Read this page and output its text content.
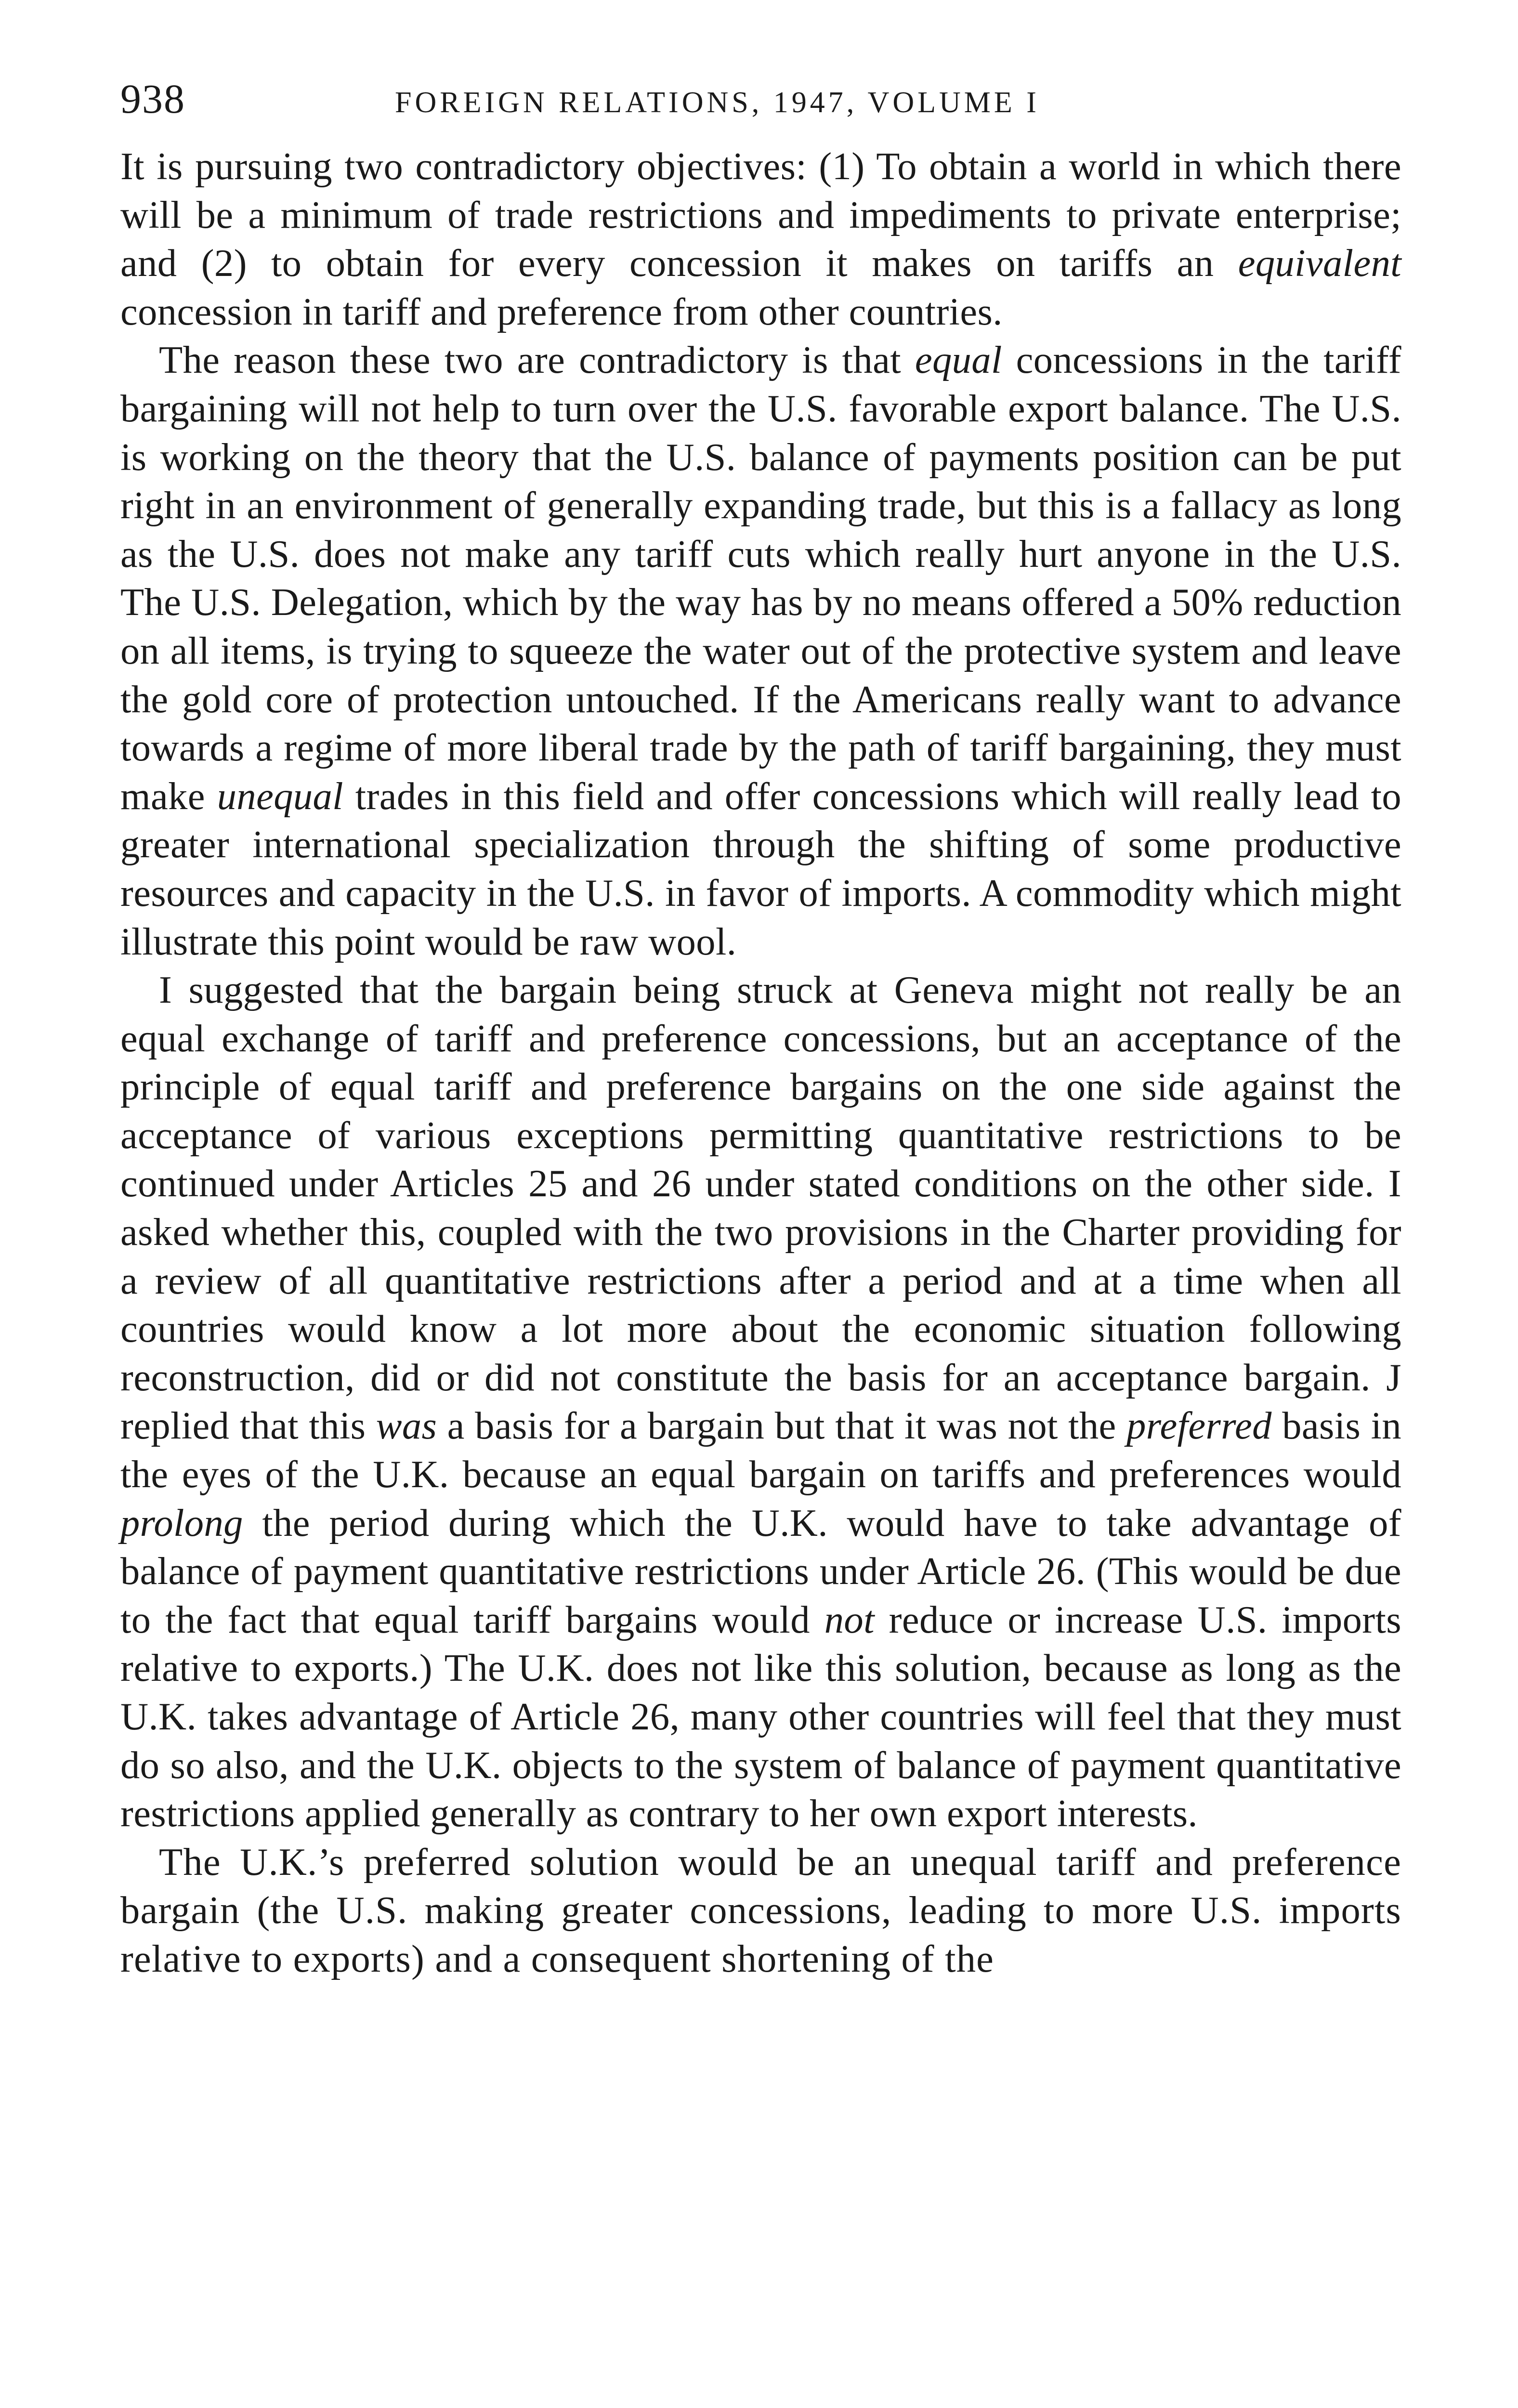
938	FOREIGN RELATIONS, 1947, VOLUME I

It is pursuing two contradictory objectives: (1) To obtain a world in which there will be a minimum of trade restrictions and impediments to private enterprise; and (2) to obtain for every concession it makes on tariffs an equivalent concession in tariff and preference from other countries.

The reason these two are contradictory is that equal concessions in the tariff bargaining will not help to turn over the U.S. favorable export balance. The U.S. is working on the theory that the U.S. balance of payments position can be put right in an environment of generally expanding trade, but this is a fallacy as long as the U.S. does not make any tariff cuts which really hurt anyone in the U.S. The U.S. Delegation, which by the way has by no means offered a 50% reduction on all items, is trying to squeeze the water out of the protective system and leave the gold core of protection untouched. If the Americans really want to advance towards a regime of more liberal trade by the path of tariff bargaining, they must make unequal trades in this field and offer concessions which will really lead to greater international specialization through the shifting of some productive resources and capacity in the U.S. in favor of imports. A commodity which might illustrate this point would be raw wool.

I suggested that the bargain being struck at Geneva might not really be an equal exchange of tariff and preference concessions, but an acceptance of the principle of equal tariff and preference bargains on the one side against the acceptance of various exceptions permitting quantitative restrictions to be continued under Articles 25 and 26 under stated conditions on the other side. I asked whether this, coupled with the two provisions in the Charter providing for a review of all quantitative restrictions after a period and at a time when all countries would know a lot more about the economic situation following reconstruction, did or did not constitute the basis for an acceptance bargain. J replied that this was a basis for a bargain but that it was not the preferred basis in the eyes of the U.K. because an equal bargain on tariffs and preferences would prolong the period during which the U.K. would have to take advantage of balance of payment quantitative restrictions under Article 26. (This would be due to the fact that equal tariff bargains would not reduce or increase U.S. imports relative to exports.) The U.K. does not like this solution, because as long as the U.K. takes advantage of Article 26, many other countries will feel that they must do so also, and the U.K. objects to the system of balance of payment quantitative restrictions applied generally as contrary to her own export interests.

The U.K.’s preferred solution would be an unequal tariff and preference bargain (the U.S. making greater concessions, leading to more U.S. imports relative to exports) and a consequent shortening of the
